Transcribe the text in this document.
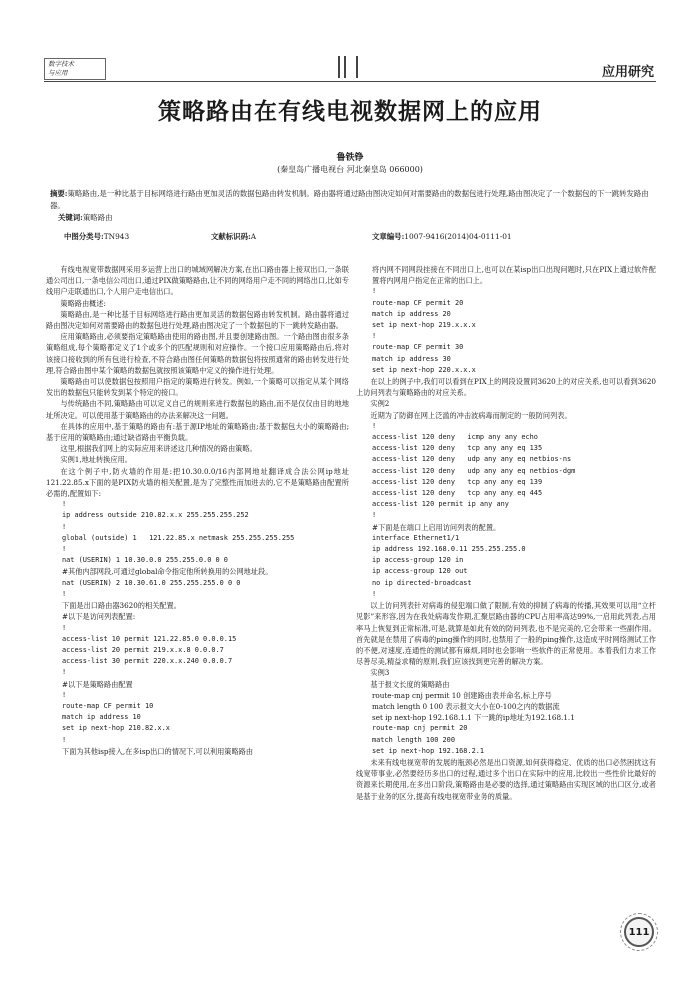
数字技术
与应用	应用研究
策略路由在有线电视数据网上的应用
鲁铁铮
(秦皇岛广播电视台 河北秦皇岛 066000)
摘要:策略路由,是一种比基于目标网络进行路由更加灵活的数据包路由转发机制。路由器将通过路由图决定如何对需要路由的数据包进行处理,路由图决定了一个数据包的下一跳转发路由器。
关键词:策略路由
中图分类号:TN943	文献标识码:A	文章编号:1007-9416(2014)04-0111-01

有线电视宽带数据网采用多运营上出口的城域网解决方案,在出口路由器上接双出口,一条联通公司出口,一条电信公司出口,通过PIX做策略路由,让不同的网络用户走不同的网络出口,比如专线用户走联通出口,个人用户走电信出口。

策略路由概述:

策略路由,是一种比基于目标网络进行路由更加灵活的数据包路由转发机制。路由器将通过路由图决定如何对需要路由的数据包进行处理,路由图决定了一个数据包的下一跳转发路由器。

应用策略路由,必须要指定策略路由使用的路由图,并且要创建路由图。一个路由图由很多条策略组成,每个策略都定义了1个或多个的匹配规则和对应操作。一个接口应用策略路由后,将对该接口接收到的所有包进行检查,不符合路由图任何策略的数据包将按照通常的路由转发进行处理,符合路由图中某个策略的数据包就按照该策略中定义的操作进行处理。

策略路由可以使数据包按照用户指定的策略进行转发。例如,一个策略可以指定从某个网络发出的数据包只能转发到某个特定的接口。

与传统路由不同,策略路由可以定义自己的规则来进行数据包的路由,而不是仅仅由目的地地址所决定。可以使用基于策略路由的办法来解决这一问题。

在具体的应用中,基于策略的路由有:基于源IP地址的策略路由;基于数据包大小的策略路由;基于应用的策略路由;通过缺省路由平衡负载。

这里,根据我们网上的实际应用来讲述这几种情况的路由策略。

实例1,地址转换应用。

在这个例子中,防火墙的作用是:把10.30.0.0/16内部网地址翻译成合法公网ip地址121.22.85.x下面的是PIX防火墙的相关配置,是为了完整性而加进去的,它不是策略路由配置所必需的,配置如下:

!

ip address outside 210.82.x.x 255.255.255.252

!

global (outside) 1   121.22.85.x netmask 255.255.255.255

!

nat (USERIN) 1 10.30.0.0 255.255.0.0 0 0

#其他内部网段,可通过global命令指定他所转换用的公网地址段。

nat (USERIN) 2 10.30.61.0 255.255.255.0 0 0

!

下面是出口路由器3620的相关配置。

#以下是访问列表配置:

!

access-list 10 permit 121.22.85.0 0.0.0.15

access-list 20 permit 219.x.x.8 0.0.0.7

access-list 30 permit 220.x.x.240 0.0.0.7

!

#以下是策略路由配置

!

route-map CF permit 10

match ip address 10

set ip next-hop 210.82.x.x

!

下面为其他isp接入,在多isp出口的情况下,可以利用策略路由

将内网不同网段挂接在不同出口上,也可以在某isp出口出现问题时,只在PIX上通过软件配置将内网用户指定在正常的出口上。

!

route-map CF permit 20

match ip address 20

set ip next-hop 219.x.x.x

!

route-map CF permit 30

match ip address 30

set ip next-hop 220.x.x.x

在以上的例子中,我们可以看到在PIX上的网段设置同3620上的对应关系,也可以看到3620上访问列表与策略路由的对应关系。

实例2

近期为了防御在网上泛滥的冲击波病毒而制定的一般防问列表。

!

access-list 120 deny   icmp any any echo

access-list 120 deny   tcp any any eq 135

access-list 120 deny   udp any any eq netbios-ns

access-list 120 deny   udp any any eq netbios-dgm

access-list 120 deny   tcp any any eq 139

access-list 120 deny   tcp any any eq 445

access-list 120 permit ip any any

!

#下面是在端口上启用访问列表的配置。

interface Ethernet1/1

ip address 192.168.0.11 255.255.255.0

ip access-group 120 in

ip access-group 120 out

no ip directed-broadcast

!

以上访问列表针对病毒的侵犯端口做了限制,有效的抑制了病毒的传播,其效果可以用“立杆见影”来形容,因为在我处病毒发作期,汇聚层路由器的CPU占用率高达99%,一启用此列表,占用率马上恢复到正常标准,可是,就算是如此有效的防问列表,也不是完美的,它会带来一些副作用。首先就是在禁用了病毒的ping操作的同时,也禁用了一般的ping操作,这造成平时网络测试工作的不便,对速度,连通性的测试都有麻烦,同时也会影响一些软件的正常使用。本着我们力求工作尽善尽美,精益求精的原则,我们应该找到更完善的解决方案。

实例3

基于报文长度的策略路由

route-map cnj permit 10 创建路由表并命名,标上序号

match length 0 100 表示报文大小在0-100之内的数据流

set ip next-hop 192.168.1.1 下一跳的ip地址为192.168.1.1

route-map cnj permit 20

match length 100 200

set ip next-hop 192.168.2.1

未来有线电视宽带的发展的瓶颈必然是出口资源,如何获得稳定、优质的出口必然困扰这有线宽带事业,必然要经历多出口的过程,通过多个出口在实际中的应用,比较出一些性价比最好的资源来长期使用,在多出口阶段,策略路由是必要的选择,通过策略路由实现区域的出口区分,或者是基于业务的区分,提高有线电视宽带业务的质量。

111
